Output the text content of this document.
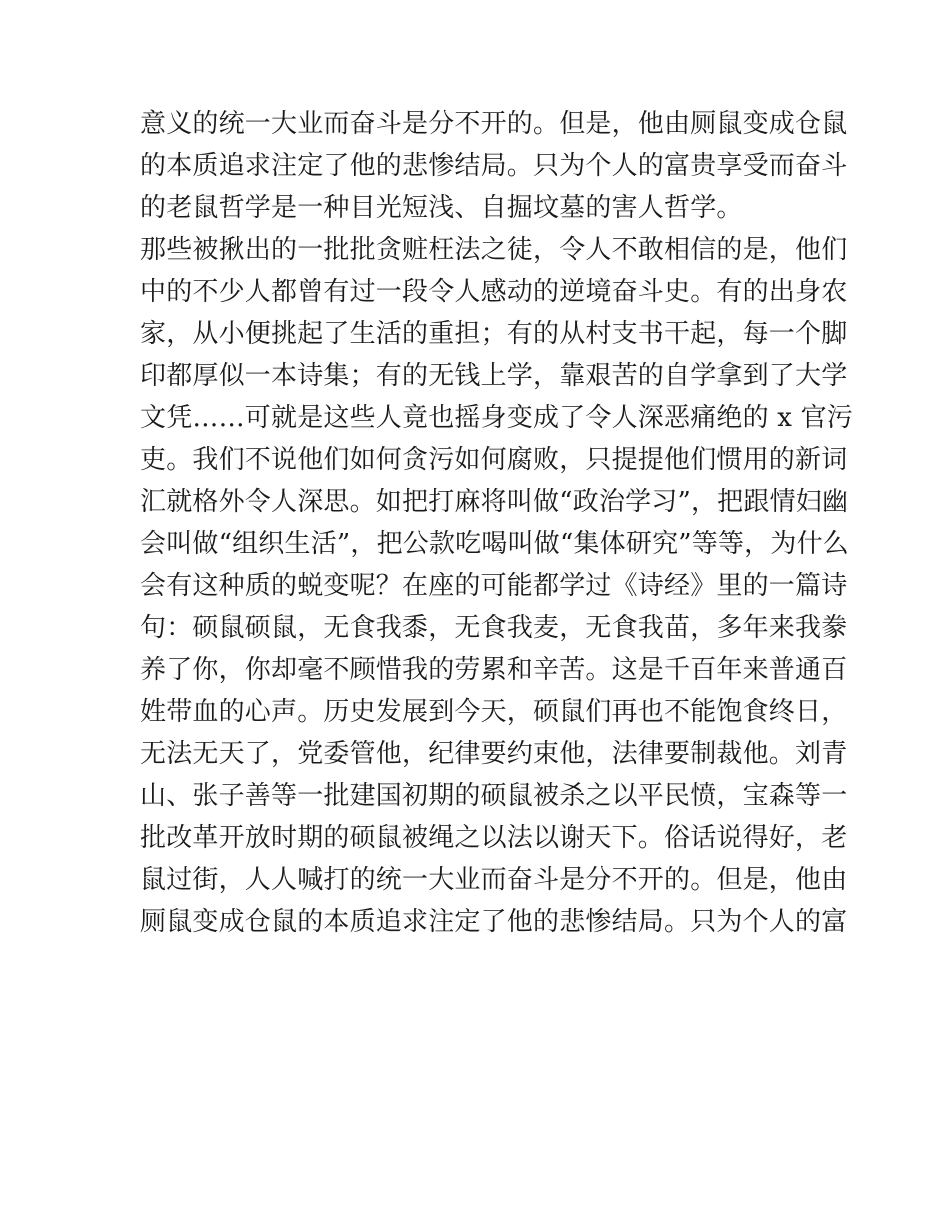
意义的统一大业而奋斗是分不开的。但是，他由厕鼠变成仓鼠
的本质追求注定了他的悲惨结局。只为个人的富贵享受而奋斗
的老鼠哲学是一种目光短浅、自掘坟墓的害人哲学。
那些被揪出的一批批贪赃枉法之徒，令人不敢相信的是，他们
中的不少人都曾有过一段令人感动的逆境奋斗史。有的出身农
家，从小便挑起了生活的重担；有的从村支书干起，每一个脚
印都厚似一本诗集；有的无钱上学，靠艰苦的自学拿到了大学
文凭……可就是这些人竟也摇身变成了令人深恶痛绝的 x 官污
吏。我们不说他们如何贪污如何腐败，只提提他们惯用的新词
汇就格外令人深思。如把打麻将叫做“政治学习”，把跟情妇幽
会叫做“组织生活”，把公款吃喝叫做“集体研究”等等，为什么
会有这种质的蜕变呢？在座的可能都学过《诗经》里的一篇诗
句：硕鼠硕鼠，无食我黍，无食我麦，无食我苗，多年来我豢
养了你，你却毫不顾惜我的劳累和辛苦。这是千百年来普通百
姓带血的心声。历史发展到今天，硕鼠们再也不能饱食终日，
无法无天了，党委管他，纪律要约束他，法律要制裁他。刘青
山、张子善等一批建国初期的硕鼠被杀之以平民愤，宝森等一
批改革开放时期的硕鼠被绳之以法以谢天下。俗话说得好，老
鼠过街，人人喊打的统一大业而奋斗是分不开的。但是，他由
厕鼠变成仓鼠的本质追求注定了他的悲惨结局。只为个人的富
